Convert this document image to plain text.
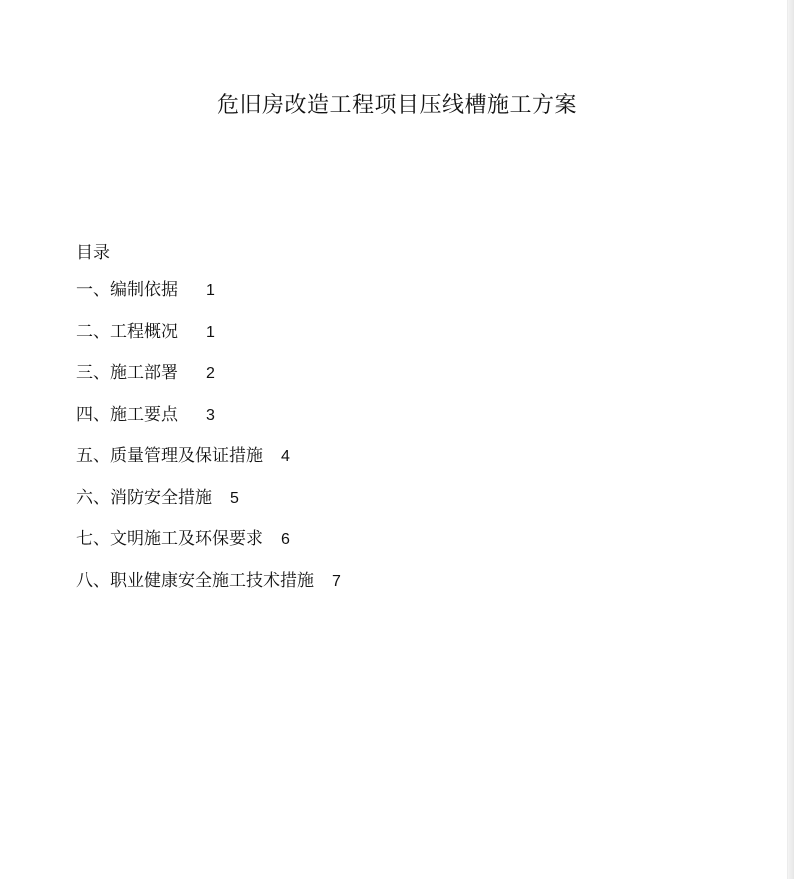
危旧房改造工程项目压线槽施工方案
目录
一、编制依据 1
二、工程概况 1
三、施工部署 2
四、施工要点 3
五、质量管理及保证措施 4
六、消防安全措施 5
七、文明施工及环保要求 6
八、职业健康安全施工技术措施 7
